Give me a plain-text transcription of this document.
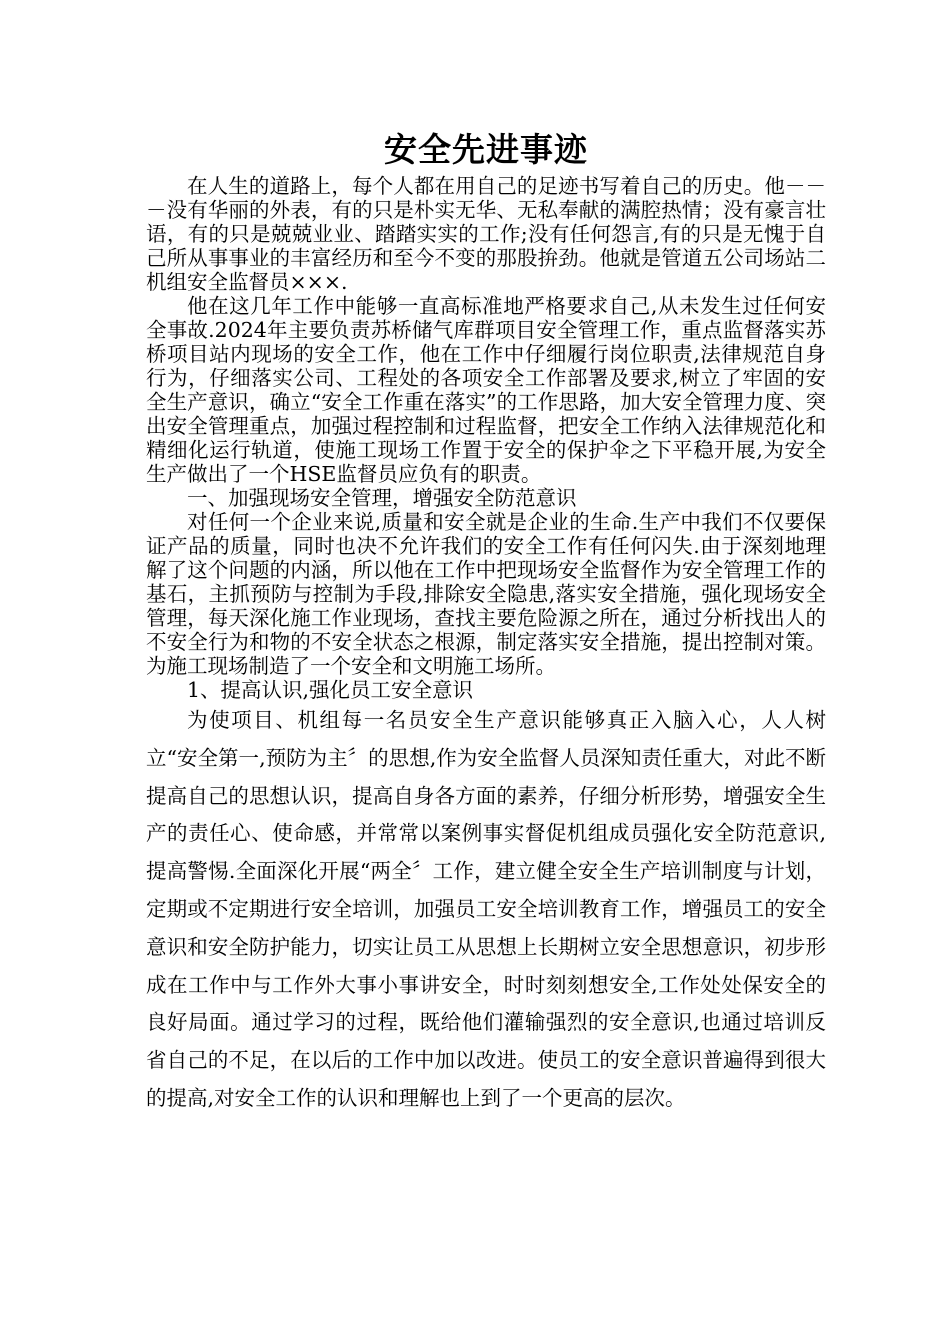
安全先进事迹

在人生的道路上，每个人都在用自己的足迹书写着自己的历史。他－－－没有华丽的外表，有的只是朴实无华、无私奉献的满腔热情；没有豪言壮语，有的只是兢兢业业、踏踏实实的工作;没有任何怨言,有的只是无愧于自己所从事事业的丰富经历和至今不变的那股拚劲。他就是管道五公司场站二机组安全监督员×××.

他在这几年工作中能够一直高标准地严格要求自己,从未发生过任何安全事故.2024年主要负责苏桥储气库群项目安全管理工作，重点监督落实苏桥项目站内现场的安全工作，他在工作中仔细履行岗位职责,法律规范自身行为，仔细落实公司、工程处的各项安全工作部署及要求,树立了牢固的安全生产意识，确立“安全工作重在落实”的工作思路，加大安全管理力度、突出安全管理重点，加强过程控制和过程监督，把安全工作纳入法律规范化和精细化运行轨道，使施工现场工作置于安全的保护伞之下平稳开展,为安全生产做出了一个HSE监督员应负有的职责。

一、加强现场安全管理，增强安全防范意识

对任何一个企业来说,质量和安全就是企业的生命.生产中我们不仅要保证产品的质量，同时也决不允许我们的安全工作有任何闪失.由于深刻地理解了这个问题的内涵，所以他在工作中把现场安全监督作为安全管理工作的基石，主抓预防与控制为手段,排除安全隐患,落实安全措施，强化现场安全管理，每天深化施工作业现场，查找主要危险源之所在，通过分析找出人的不安全行为和物的不安全状态之根源，制定落实安全措施，提出控制对策。为施工现场制造了一个安全和文明施工场所。

1、提高认识,强化员工安全意识

为使项目、机组每一名员安全生产意识能够真正入脑入心，人人树立“安全第一,预防为主〞的思想,作为安全监督人员深知责任重大，对此不断提高自己的思想认识，提高自身各方面的素养，仔细分析形势，增强安全生产的责任心、使命感，并常常以案例事实督促机组成员强化安全防范意识,提高警惕.全面深化开展“两全〞工作，建立健全安全生产培训制度与计划，定期或不定期进行安全培训，加强员工安全培训教育工作，增强员工的安全意识和安全防护能力，切实让员工从思想上长期树立安全思想意识，初步形成在工作中与工作外大事小事讲安全，时时刻刻想安全,工作处处保安全的良好局面。通过学习的过程，既给他们灌输强烈的安全意识,也通过培训反省自己的不足，在以后的工作中加以改进。使员工的安全意识普遍得到很大的提高,对安全工作的认识和理解也上到了一个更高的层次。
